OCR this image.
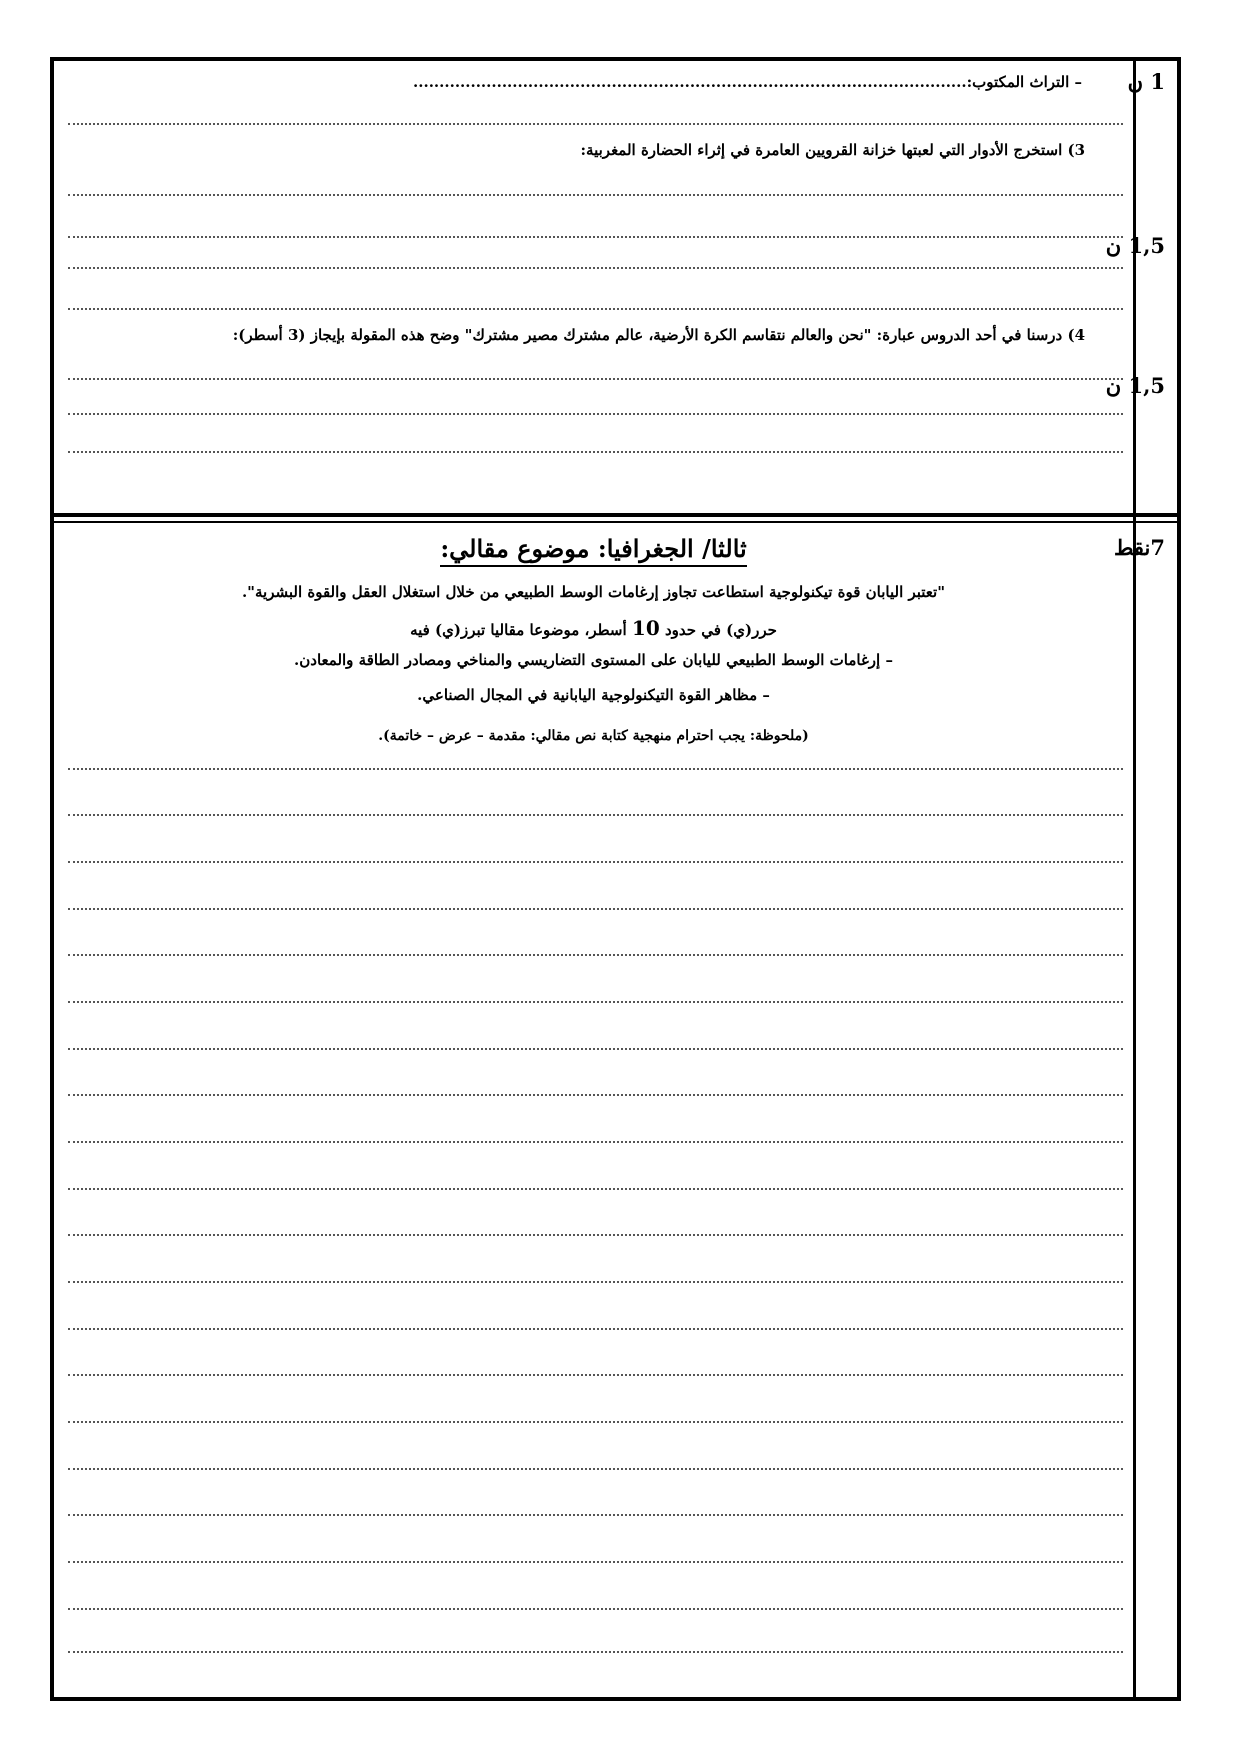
1 ن
1,5 ن
1,5 ن
7نقط
– التراث المكتوب:..........................................................................................................
3) استخرج الأدوار التي لعبتها خزانة القرويين العامرة في إثراء الحضارة المغربية:
4) درسنا في أحد الدروس عبارة: "نحن والعالم نتقاسم الكرة الأرضية، عالم مشترك مصير مشترك" وضح هذه المقولة بإيجاز (3 أسطر):
ثالثا/ الجغرافيا: موضوع مقالي:
"تعتبر اليابان قوة تيكنولوجية استطاعت تجاوز إرغامات الوسط الطبيعي من خلال استغلال العقل والقوة البشرية".
حرر(ي) في حدود 10 أسطر، موضوعا مقاليا تبرز(ي) فيه
– إرغامات الوسط الطبيعي لليابان على المستوى التضاريسي والمناخي ومصادر الطاقة والمعادن.
– مظاهر القوة التيكنولوجية اليابانية في المجال الصناعي.
(ملحوظة: يجب احترام منهجية كتابة نص مقالي: مقدمة – عرض – خاتمة).
